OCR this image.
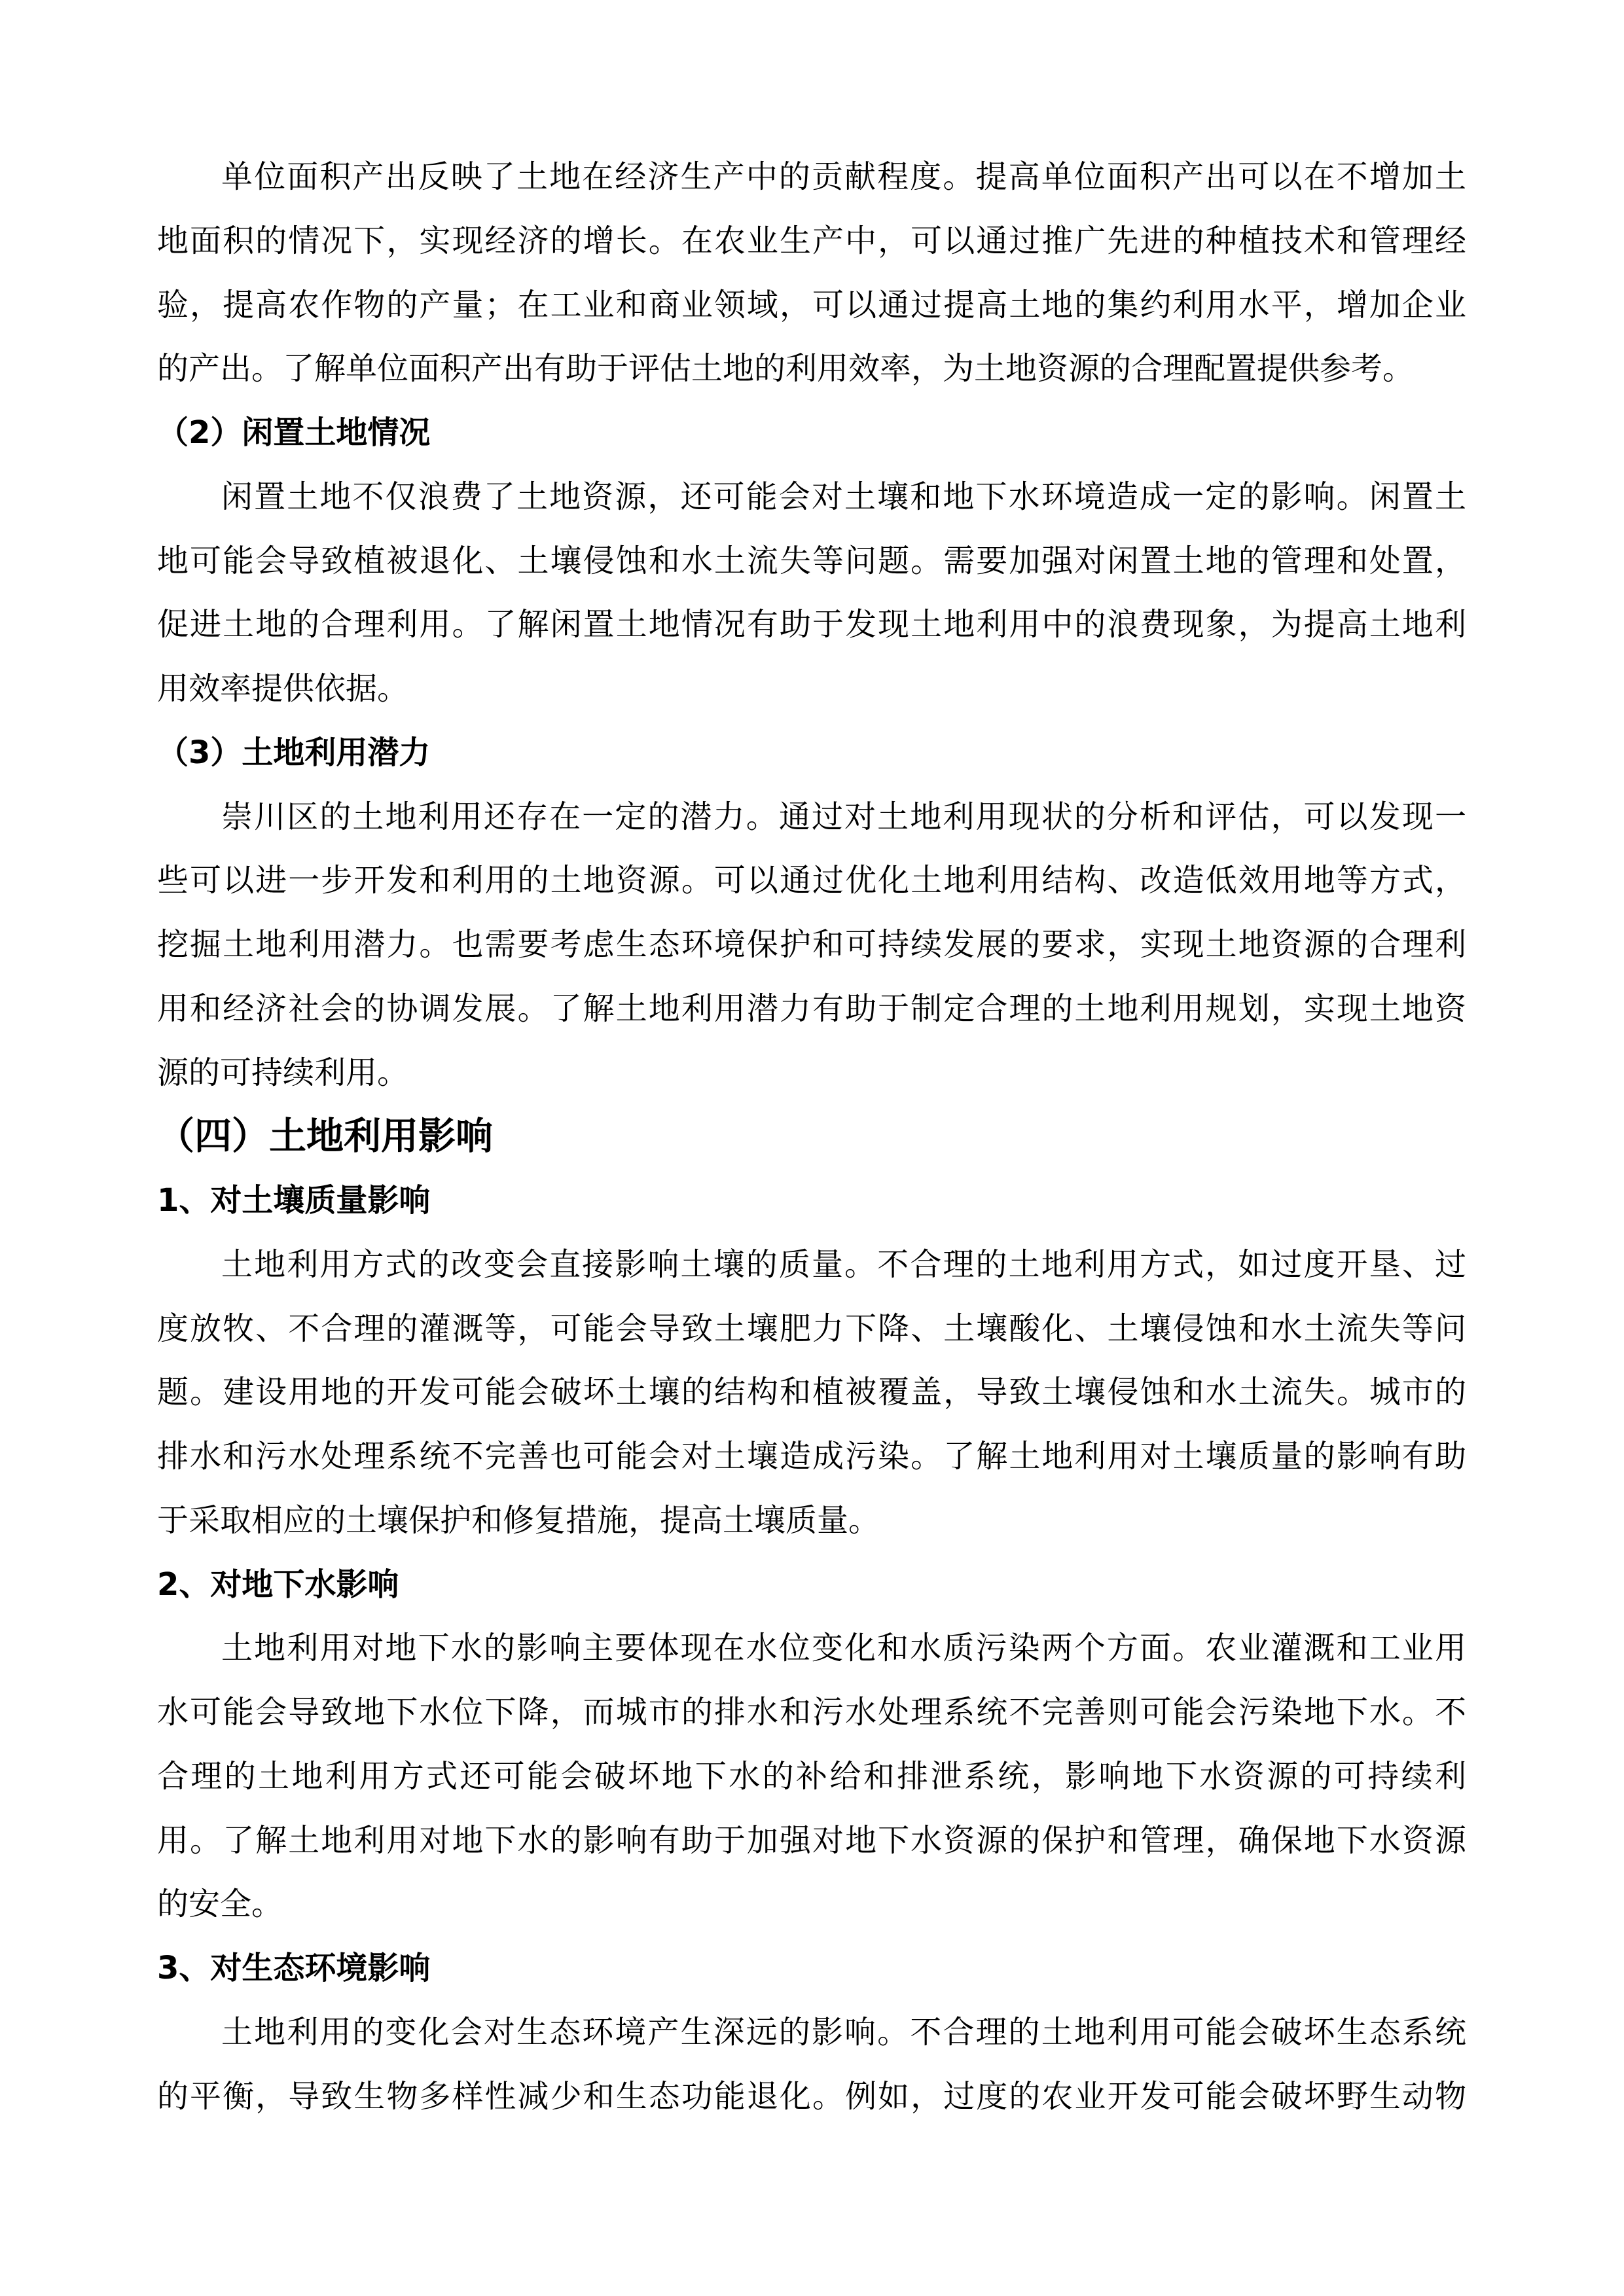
单位面积产出反映了土地在经济生产中的贡献程度。提高单位面积产出可以在不增加土
地面积的情况下，实现经济的增长。在农业生产中，可以通过推广先进的种植技术和管理经
验，提高农作物的产量；在工业和商业领域，可以通过提高土地的集约利用水平，增加企业
的产出。了解单位面积产出有助于评估土地的利用效率，为土地资源的合理配置提供参考。
（2）闲置土地情况
闲置土地不仅浪费了土地资源，还可能会对土壤和地下水环境造成一定的影响。闲置土
地可能会导致植被退化、土壤侵蚀和水土流失等问题。需要加强对闲置土地的管理和处置，
促进土地的合理利用。了解闲置土地情况有助于发现土地利用中的浪费现象，为提高土地利
用效率提供依据。
（3）土地利用潜力
崇川区的土地利用还存在一定的潜力。通过对土地利用现状的分析和评估，可以发现一
些可以进一步开发和利用的土地资源。可以通过优化土地利用结构、改造低效用地等方式，
挖掘土地利用潜力。也需要考虑生态环境保护和可持续发展的要求，实现土地资源的合理利
用和经济社会的协调发展。了解土地利用潜力有助于制定合理的土地利用规划，实现土地资
源的可持续利用。
（四）土地利用影响
1、对土壤质量影响
土地利用方式的改变会直接影响土壤的质量。不合理的土地利用方式，如过度开垦、过
度放牧、不合理的灌溉等，可能会导致土壤肥力下降、土壤酸化、土壤侵蚀和水土流失等问
题。建设用地的开发可能会破坏土壤的结构和植被覆盖，导致土壤侵蚀和水土流失。城市的
排水和污水处理系统不完善也可能会对土壤造成污染。了解土地利用对土壤质量的影响有助
于采取相应的土壤保护和修复措施，提高土壤质量。
2、对地下水影响
土地利用对地下水的影响主要体现在水位变化和水质污染两个方面。农业灌溉和工业用
水可能会导致地下水位下降，而城市的排水和污水处理系统不完善则可能会污染地下水。不
合理的土地利用方式还可能会破坏地下水的补给和排泄系统，影响地下水资源的可持续利
用。了解土地利用对地下水的影响有助于加强对地下水资源的保护和管理，确保地下水资源
的安全。
3、对生态环境影响
土地利用的变化会对生态环境产生深远的影响。不合理的土地利用可能会破坏生态系统
的平衡，导致生物多样性减少和生态功能退化。例如，过度的农业开发可能会破坏野生动物
